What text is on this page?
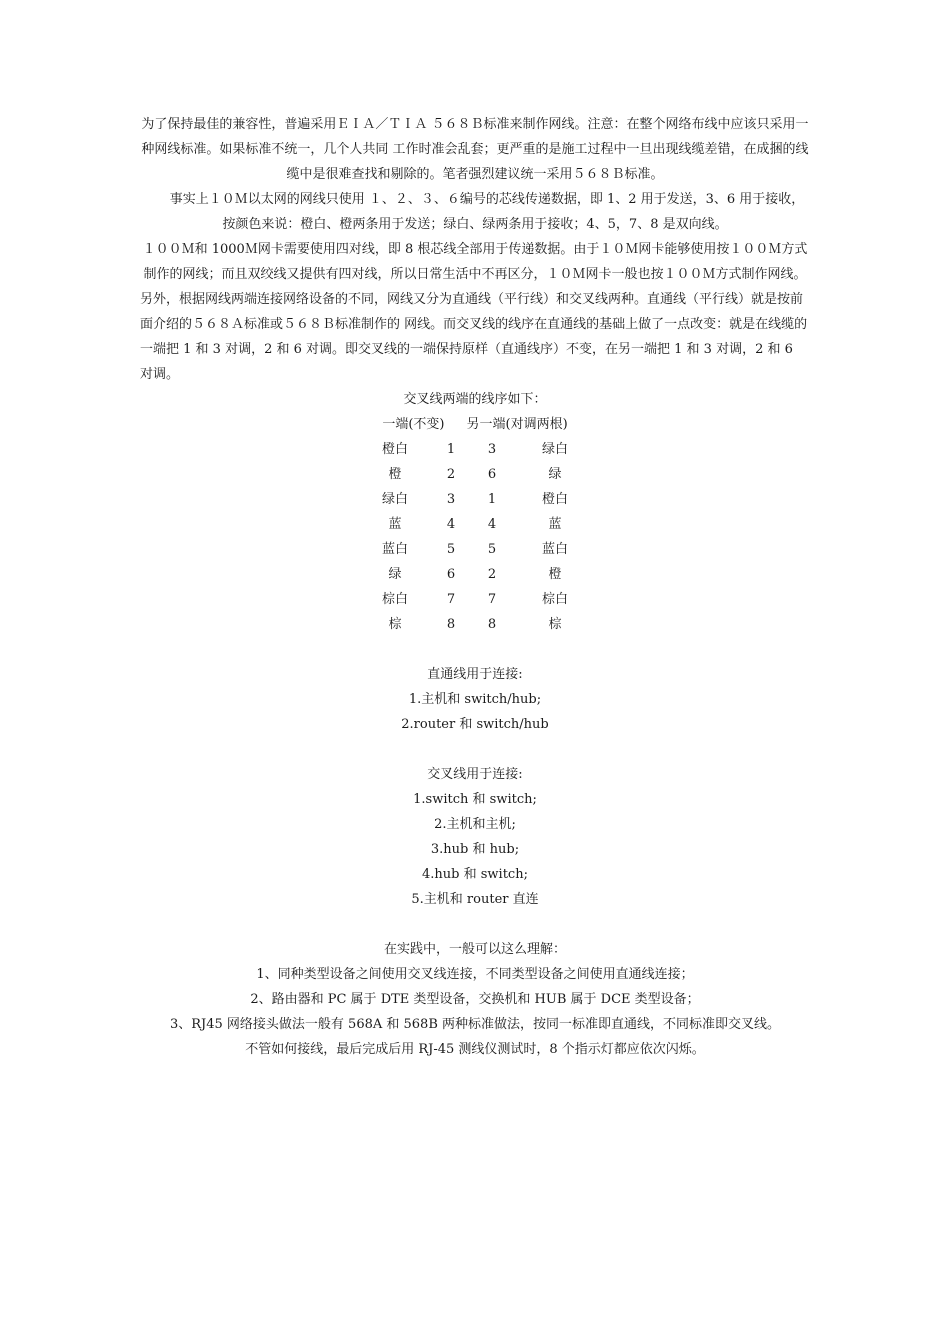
为了保持最佳的兼容性，普遍采用ＥＩＡ／ＴＩＡ ５６８Ｂ标准来制作网线。注意：在整个网络布线中应该只采用一种网线标准。如果标准不统一，几个人共同 工作时准会乱套；更严重的是施工过程中一旦出现线缆差错，在成捆的线缆中是很难查找和剔除的。笔者强烈建议统一采用５６８Ｂ标准。

事实上１０Ｍ以太网的网线只使用 １、２、３、６编号的芯线传递数据，即 1、2 用于发送，3、6 用于接收，按颜色来说：橙白、橙两条用于发送；绿白、绿两条用于接收；4、5，7、8 是双向线。

１００Ｍ和 1000Ｍ网卡需要使用四对线，即 8 根芯线全部用于传递数据。由于１０Ｍ网卡能够使用按１００Ｍ方式制作的网线；而且双绞线又提供有四对线，所以日常生活中不再区分，１０Ｍ网卡一般也按１００Ｍ方式制作网线。

另外，根据网线两端连接网络设备的不同，网线又分为直通线（平行线）和交叉线两种。直通线（平行线）就是按前面介绍的５６８Ａ标准或５６８Ｂ标准制作的 网线。而交叉线的线序在直通线的基础上做了一点改变：就是在线缆的一端把 1 和 3 对调，2 和 6 对调。即交叉线的一端保持原样（直通线序）不变，在另一端把 1 和 3 对调，2 和 6 对调。

交叉线两端的线序如下：

一端(不变) 另一端(对调两根)
橙白	1	3	绿白
橙	2	6	绿
绿白	3	1	橙白
蓝	4	4	蓝
蓝白	5	5	蓝白
绿	6	2	橙
棕白	7	7	棕白
棕	8	8	棕

直通线用于连接:

1.主机和 switch/hub;

2.router 和 switch/hub

交叉线用于连接:

1.switch 和 switch;

2.主机和主机;

3.hub 和 hub;

4.hub 和 switch;

5.主机和 router 直连

在实践中，一般可以这么理解：

1、同种类型设备之间使用交叉线连接，不同类型设备之间使用直通线连接；

2、路由器和 PC 属于 DTE 类型设备，交换机和 HUB 属于 DCE 类型设备；

3、RJ45 网络接头做法一般有 568A 和 568B 两种标准做法，按同一标准即直通线，不同标准即交叉线。

不管如何接线，最后完成后用 RJ-45 测线仪测试时，8 个指示灯都应依次闪烁。
